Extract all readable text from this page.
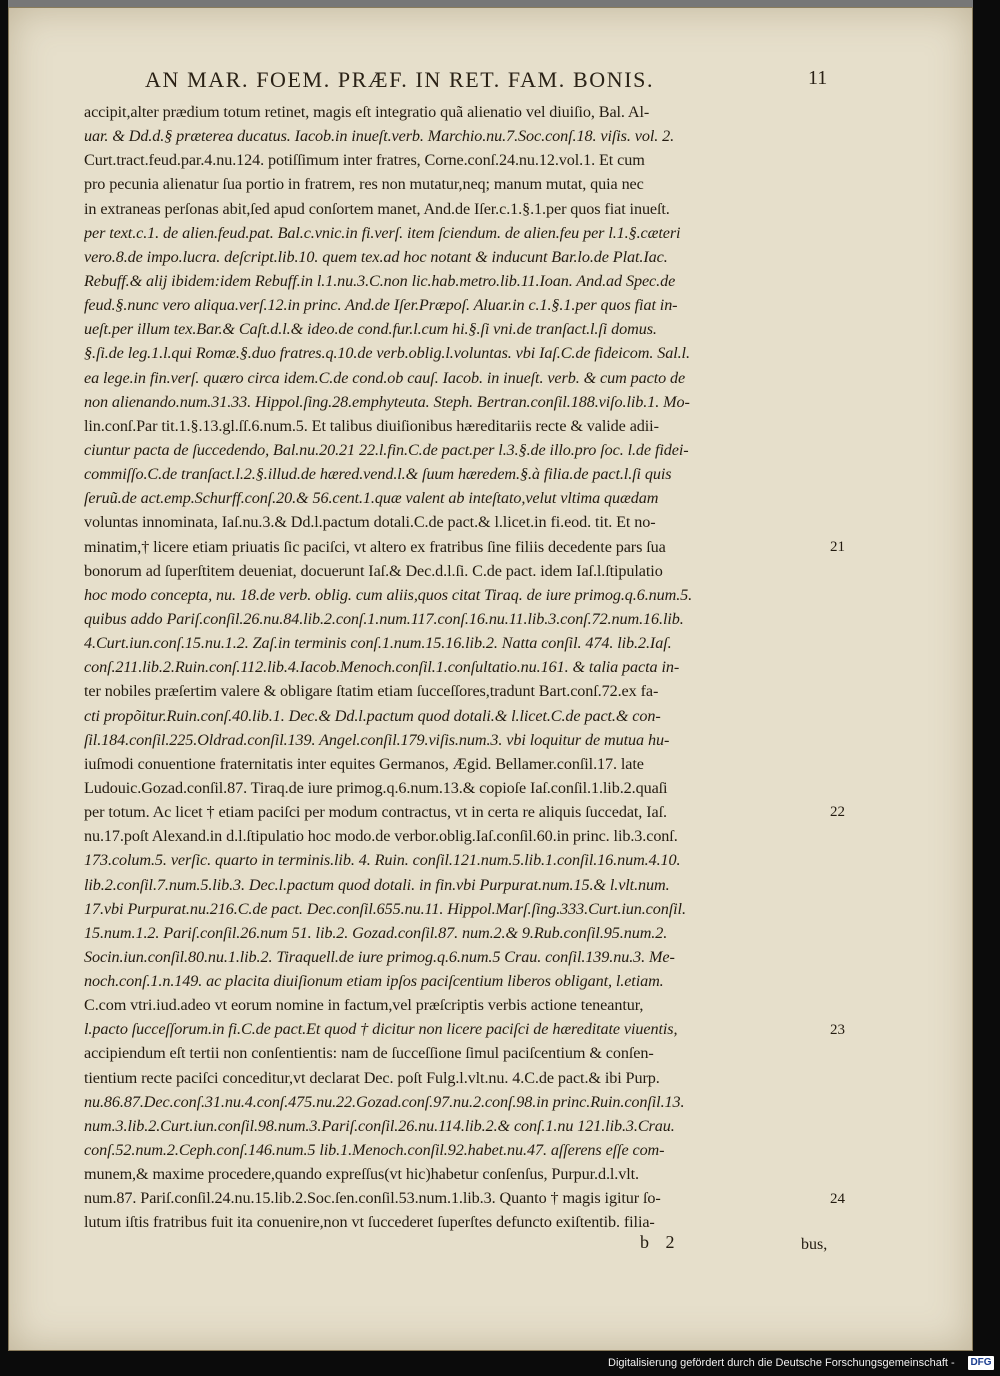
AN MAR. FOEM. PRÆF. IN RET. FAM. BONIS.	11
accipit,alter prædium totum retinet, magis eſt integratio quã alienatio vel diuiſio, Bal. Al-
uar. & Dd.d.§ præterea ducatus. Iacob.in inueſt.verb. Marchio.nu.7.Soc.conſ.18. viſis. vol. 2.
Curt.tract.feud.par.4.nu.124. potiſſimum inter fratres, Corne.conſ.24.nu.12.vol.1. Et cum
pro pecunia alienatur ſua portio in fratrem, res non mutatur,neq; manum mutat, quia nec
in extraneas perſonas abit,ſed apud conſortem manet, And.de Iſer.c.1.§.1.per quos fiat inueſt.
per text.c.1. de alien.feud.pat. Bal.c.vnic.in fi.verſ. item ſciendum. de alien.feu per l.1.§.cæteri
vero.8.de impo.lucra. deſcript.lib.10. quem tex.ad hoc notant & inducunt Bar.lo.de Plat.Iac.
Rebuff.& alij ibidem:idem Rebuff.in l.1.nu.3.C.non lic.hab.metro.lib.11.Ioan. And.ad Spec.de
feud.§.nunc vero aliqua.verſ.12.in princ. And.de Iſer.Præpoſ. Aluar.in c.1.§.1.per quos fiat in-
ueſt.per illum tex.Bar.& Caſt.d.l.& ideo.de cond.fur.l.cum hi.§.ſi vni.de tranſact.l.ſi domus.
§.ſi.de leg.1.l.qui Romæ.§.duo fratres.q.10.de verb.oblig.l.voluntas. vbi Iaſ.C.de fideicom. Sal.l.
ea lege.in fin.verſ. quæro circa idem.C.de cond.ob cauſ. Iacob. in inueſt. verb. & cum pacto de
non alienando.num.31.33. Hippol.ſing.28.emphyteuta. Steph. Bertran.conſil.188.viſo.lib.1. Mo-
lin.conſ.Par tit.1.§.13.gl.ſſ.6.num.5. Et talibus diuiſionibus hæreditariis recte & valide adii-
ciuntur pacta de ſuccedendo, Bal.nu.20.21 22.l.fin.C.de pact.per l.3.§.de illo.pro ſoc. l.de fidei-
commiſſo.C.de tranſact.l.2.§.illud.de hæred.vend.l.& ſuum hæredem.§.à filia.de pact.l.ſi quis
ſeruũ.de act.emp.Schurff.conſ.20.& 56.cent.1.quæ valent ab inteſtato,velut vltima quædam
voluntas innominata, Iaſ.nu.3.& Dd.l.pactum dotali.C.de pact.& l.licet.in fi.eod. tit. Et no-
minatim,† licere etiam priuatis ſic paciſci, vt altero ex fratribus ſine filiis decedente pars ſua
bonorum ad ſuperſtitem deueniat, docuerunt Iaſ.& Dec.d.l.ſi. C.de pact. idem Iaſ.l.ſtipulatio
hoc modo concepta, nu. 18.de verb. oblig. cum aliis,quos citat Tiraq. de iure primog.q.6.num.5.
quibus addo Pariſ.conſil.26.nu.84.lib.2.conſ.1.num.117.conſ.16.nu.11.lib.3.conſ.72.num.16.lib.
4.Curt.iun.conſ.15.nu.1.2. Zaſ.in terminis conſ.1.num.15.16.lib.2. Natta conſil. 474. lib.2.Iaſ.
conſ.211.lib.2.Ruin.conſ.112.lib.4.Iacob.Menoch.conſil.1.conſultatio.nu.161. & talia pacta in-
ter nobiles præſertim valere & obligare ſtatim etiam ſucceſſores,tradunt Bart.conſ.72.ex fa-
cti propõitur.Ruin.conſ.40.lib.1. Dec.& Dd.l.pactum quod dotali.& l.licet.C.de pact.& con-
ſil.184.conſil.225.Oldrad.conſil.139. Angel.conſil.179.viſis.num.3. vbi loquitur de mutua hu-
iuſmodi conuentione fraternitatis inter equites Germanos, Ægid. Bellamer.conſil.17. late
Ludouic.Gozad.conſil.87. Tiraq.de iure primog.q.6.num.13.& copioſe Iaſ.conſil.1.lib.2.quaſi
per totum. Ac licet † etiam paciſci per modum contractus, vt in certa re aliquis ſuccedat, Iaſ.
nu.17.poſt Alexand.in d.l.ſtipulatio hoc modo.de verbor.oblig.Iaſ.conſil.60.in princ. lib.3.conſ.
173.colum.5. verſic. quarto in terminis.lib. 4. Ruin. conſil.121.num.5.lib.1.conſil.16.num.4.10.
lib.2.conſil.7.num.5.lib.3. Dec.l.pactum quod dotali. in fin.vbi Purpurat.num.15.& l.vlt.num.
17.vbi Purpurat.nu.216.C.de pact. Dec.conſil.655.nu.11. Hippol.Marſ.ſing.333.Curt.iun.conſil.
15.num.1.2. Pariſ.conſil.26.num 51. lib.2. Gozad.conſil.87. num.2.& 9.Rub.conſil.95.num.2.
Socin.iun.conſil.80.nu.1.lib.2. Tiraquell.de iure primog.q.6.num.5 Crau. conſil.139.nu.3. Me-
noch.conſ.1.n.149. ac placita diuiſionum etiam ipſos paciſcentium liberos obligant, l.etiam.
C.com vtri.iud.adeo vt eorum nomine in factum,vel præſcriptis verbis actione teneantur,
l.pacto ſucceſſorum.in fi.C.de pact.Et quod † dicitur non licere paciſci de hæreditate viuentis,
accipiendum eſt tertii non conſentientis: nam de ſucceſſione ſimul paciſcentium & conſen-
tientium recte paciſci conceditur,vt declarat Dec. poſt Fulg.l.vlt.nu. 4.C.de pact.& ibi Purp.
nu.86.87.Dec.conſ.31.nu.4.conſ.475.nu.22.Gozad.conſ.97.nu.2.conſ.98.in princ.Ruin.conſil.13.
num.3.lib.2.Curt.iun.conſil.98.num.3.Pariſ.conſil.26.nu.114.lib.2.& conſ.1.nu 121.lib.3.Crau.
conſ.52.num.2.Ceph.conſ.146.num.5 lib.1.Menoch.conſil.92.habet.nu.47. aſſerens eſſe com-
munem,& maxime procedere,quando expreſſus(vt hic)habetur conſenſus, Purpur.d.l.vlt.
num.87. Pariſ.conſil.24.nu.15.lib.2.Soc.ſen.conſil.53.num.1.lib.3. Quanto † magis igitur ſo-
lutum iſtis fratribus fuit ita conuenire,non vt ſuccederet ſuperſtes defuncto exiſtentib. filia-
21
22
23
24
b 2	bus,
Digitalisierung gefördert durch die Deutsche Forschungsgemeinschaft - DFG
